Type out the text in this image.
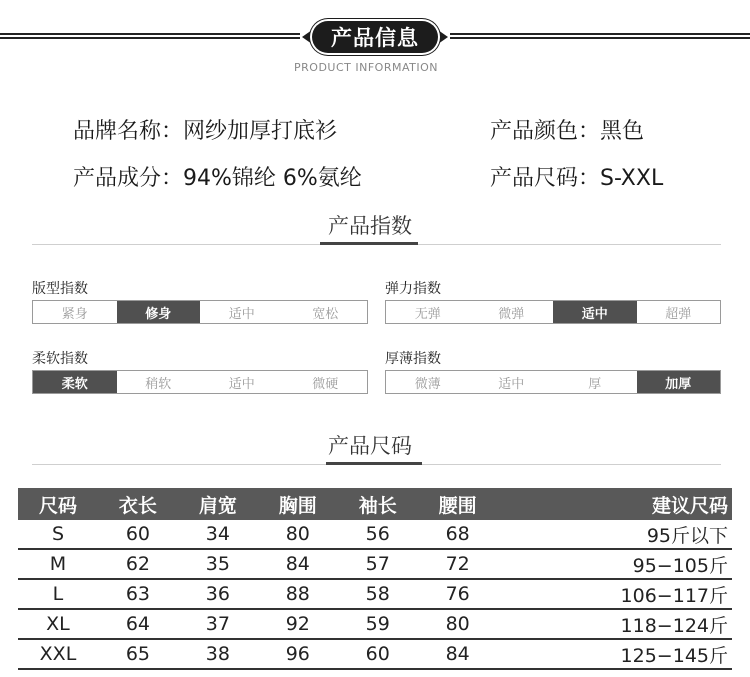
产品信息
PRODUCT INFORMATION
品牌名称：网纱加厚打底衫	产品颜色：黑色
产品成分：94%锦纶 6%氨纶	产品尺码：S-XXL
产品指数
版型指数
紧身	修身	适中	宽松
弹力指数
无弹	微弹	适中	超弹
柔软指数
柔软	稍软	适中	微硬
厚薄指数
微薄	适中	厚	加厚
产品尺码
尺码	衣长	肩宽	胸围	袖长	腰围	建议尺码
S	60	34	80	56	68	95斤以下
M	62	35	84	57	72	95−105斤
L	63	36	88	58	76	106−117斤
XL	64	37	92	59	80	118−124斤
XXL	65	38	96	60	84	125−145斤
